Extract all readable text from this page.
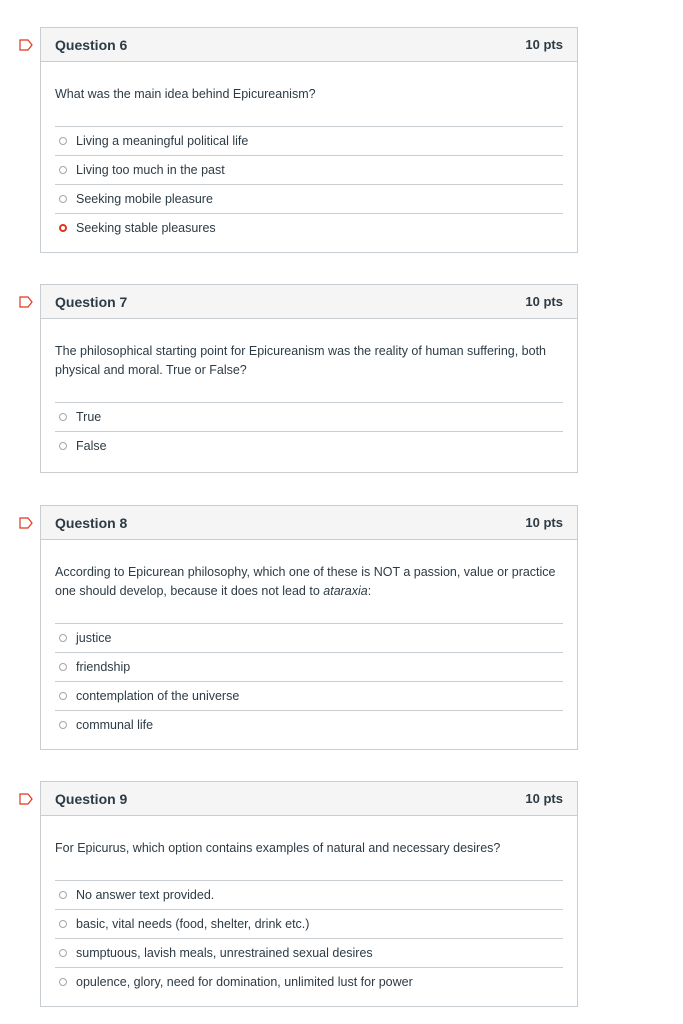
Question 6	10 pts

What was the main idea behind Epicureanism?

Living a meaningful political life
Living too much in the past
Seeking mobile pleasure
Seeking stable pleasures
Question 7	10 pts

The philosophical starting point for Epicureanism was the reality of human suffering, both physical and moral. True or False?

True
False
Question 8	10 pts

According to Epicurean philosophy, which one of these is NOT a passion, value or practice one should develop, because it does not lead to ataraxia:

justice
friendship
contemplation of the universe
communal life
Question 9	10 pts

For Epicurus, which option contains examples of natural and necessary desires?

No answer text provided.
basic, vital needs (food, shelter, drink etc.)
sumptuous, lavish meals, unrestrained sexual desires
opulence, glory, need for domination, unlimited lust for power
